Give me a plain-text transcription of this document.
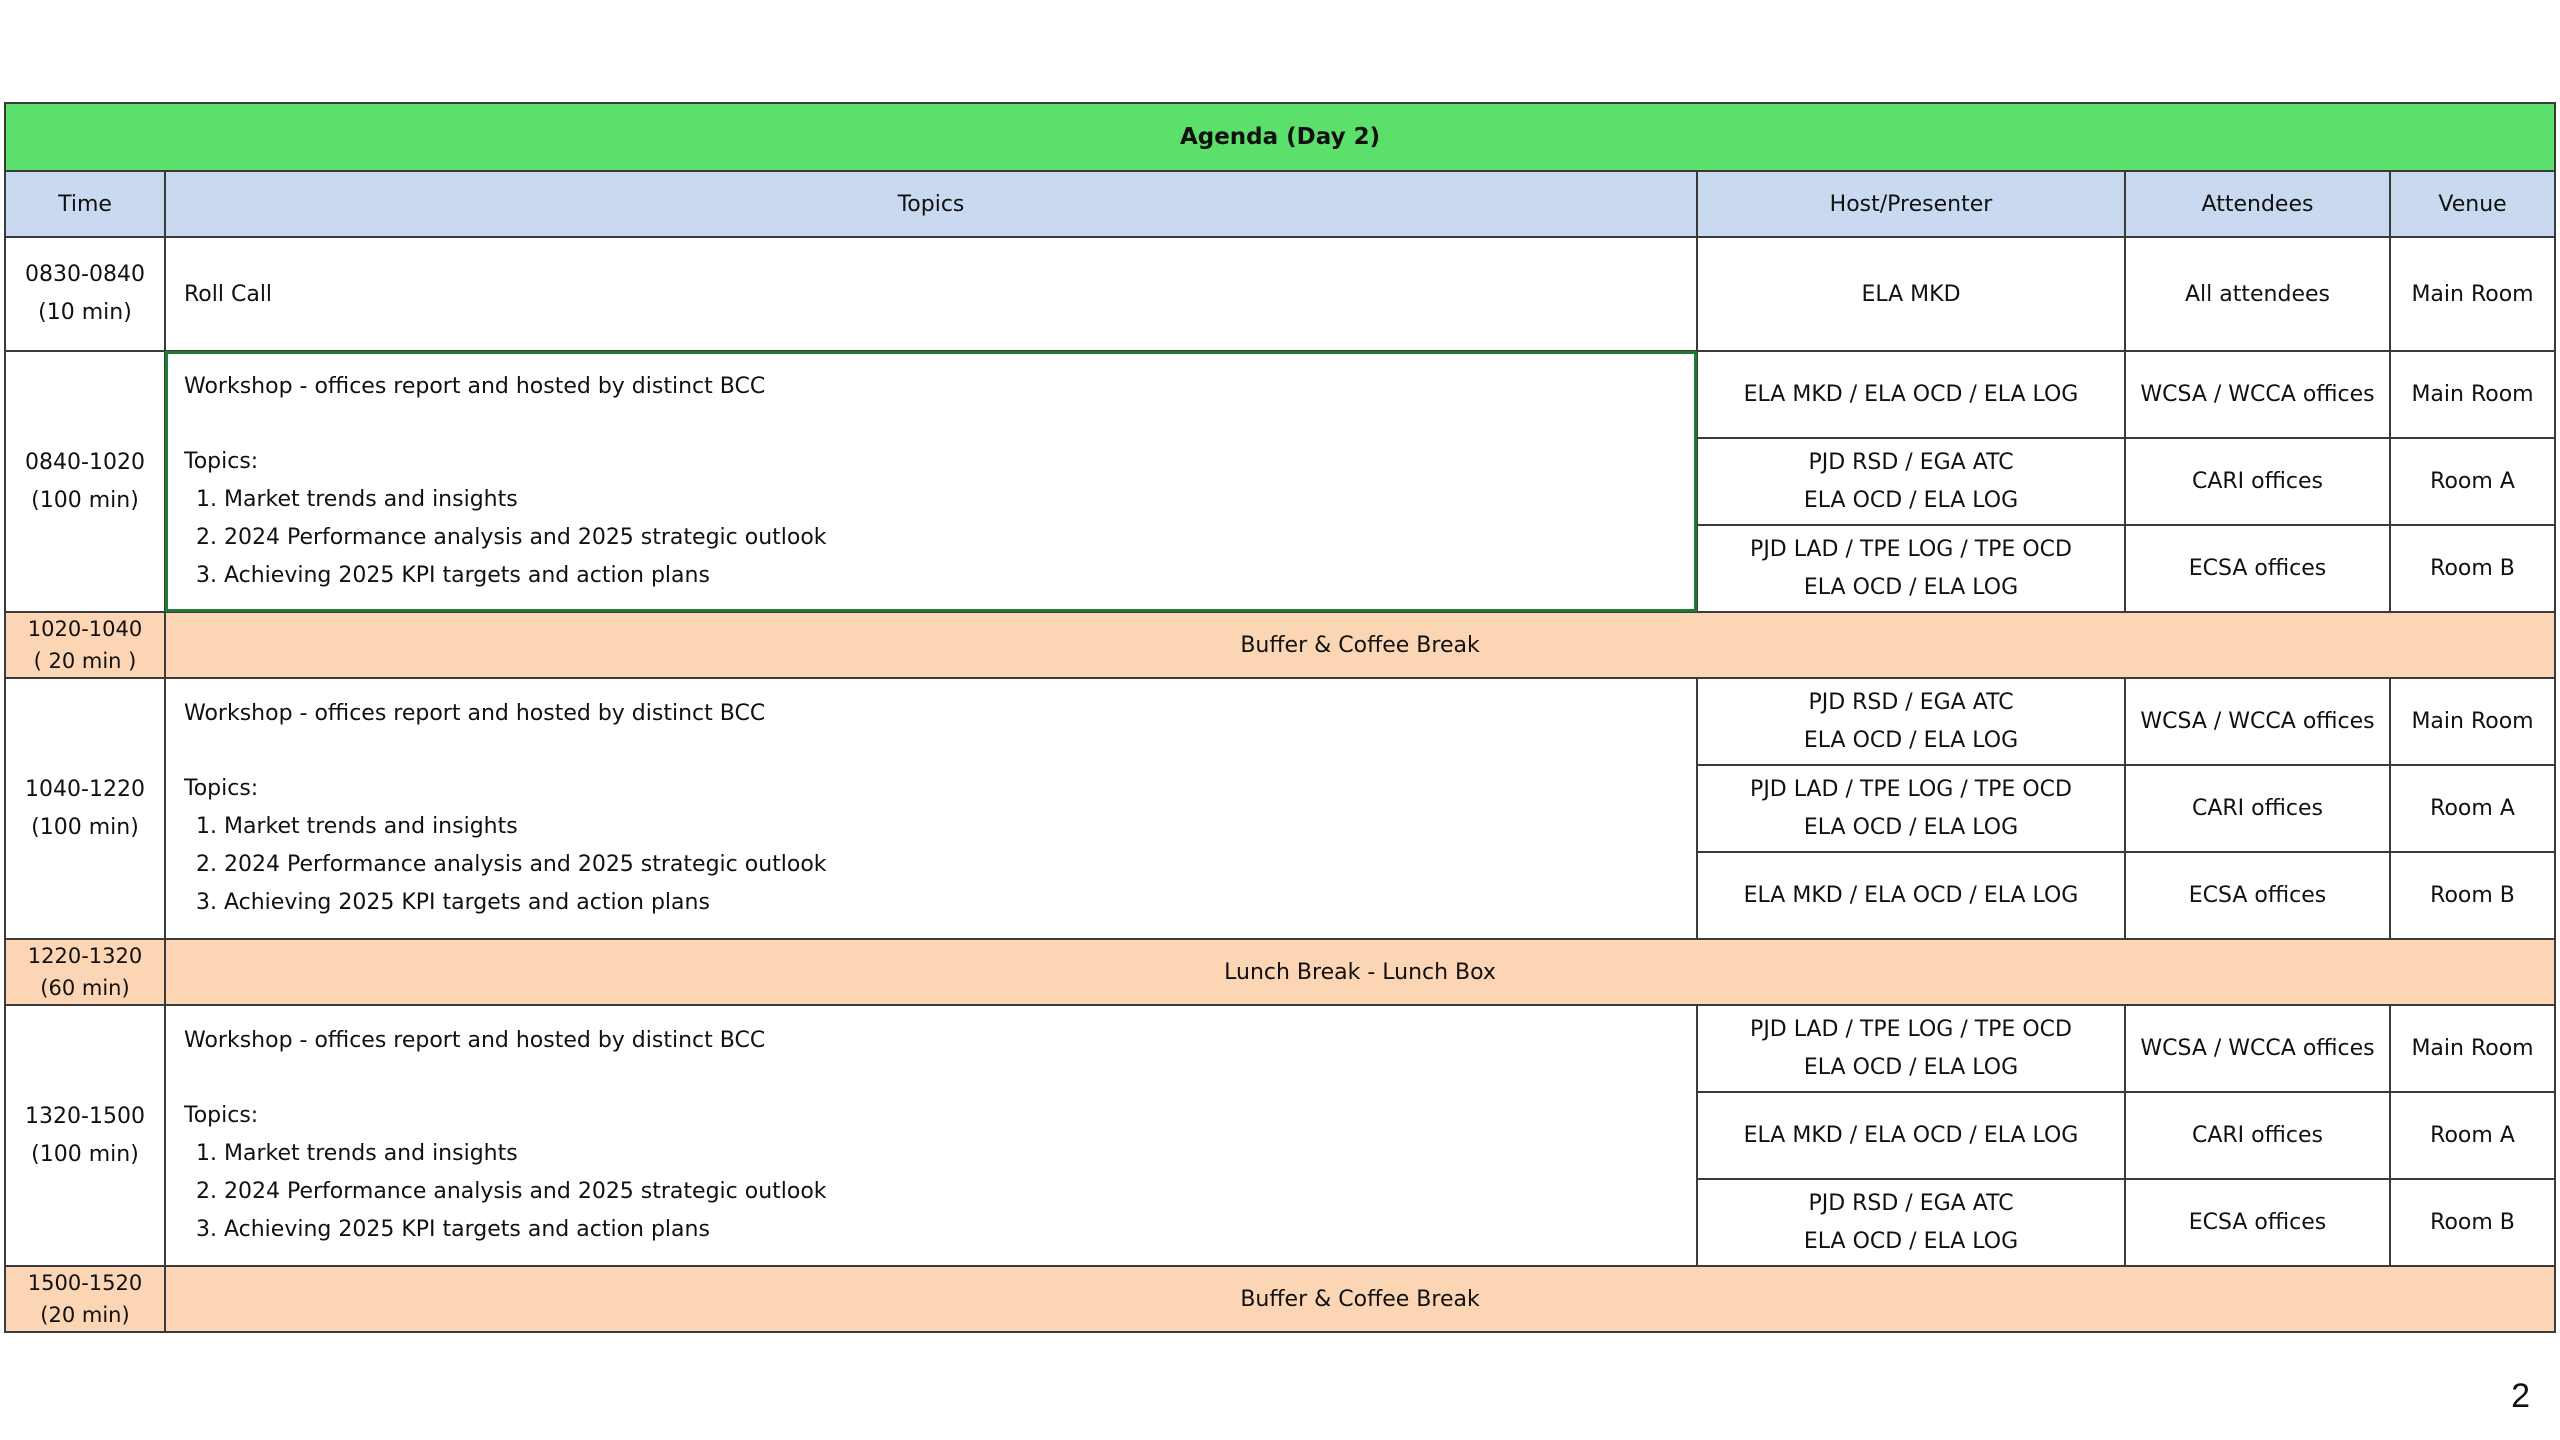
Agenda (Day 2)				
Time	Topics	Host/Presenter	Attendees	Venue

0830-0840
(10 min)	Roll Call	ELA MKD	All attendees	Main Room

0840-1020
(100 min)	Workshop - offices report and hosted by distinct BCC
Topics:
1. Market trends and insights
2. 2024 Performance analysis and 2025 strategic outlook
3. Achieving 2025 KPI targets and action plans	ELA MKD / ELA OCD / ELA LOG	WCSA / WCCA offices	Main Room

		PJD RSD / EGA ATC
ELA OCD / ELA LOG	CARI offices	Room A

		PJD LAD / TPE LOG / TPE OCD
ELA OCD / ELA LOG	ECSA offices	Room B

1020-1040
( 20 min )	Buffer & Coffee Break			

1040-1220
(100 min)	Workshop - offices report and hosted by distinct BCC
Topics:
1. Market trends and insights
2. 2024 Performance analysis and 2025 strategic outlook
3. Achieving 2025 KPI targets and action plans	PJD RSD / EGA ATC
ELA OCD / ELA LOG	WCSA / WCCA offices	Main Room

		PJD LAD / TPE LOG / TPE OCD
ELA OCD / ELA LOG	CARI offices	Room A

		ELA MKD / ELA OCD / ELA LOG	ECSA offices	Room B

1220-1320
(60 min)	Lunch Break - Lunch Box			

1320-1500
(100 min)	Workshop - offices report and hosted by distinct BCC
Topics:
1. Market trends and insights
2. 2024 Performance analysis and 2025 strategic outlook
3. Achieving 2025 KPI targets and action plans	PJD LAD / TPE LOG / TPE OCD
ELA OCD / ELA LOG	WCSA / WCCA offices	Main Room

		ELA MKD / ELA OCD / ELA LOG	CARI offices	Room A

		PJD RSD / EGA ATC
ELA OCD / ELA LOG	ECSA offices	Room B

1500-1520
(20 min)	Buffer & Coffee Break			
2
